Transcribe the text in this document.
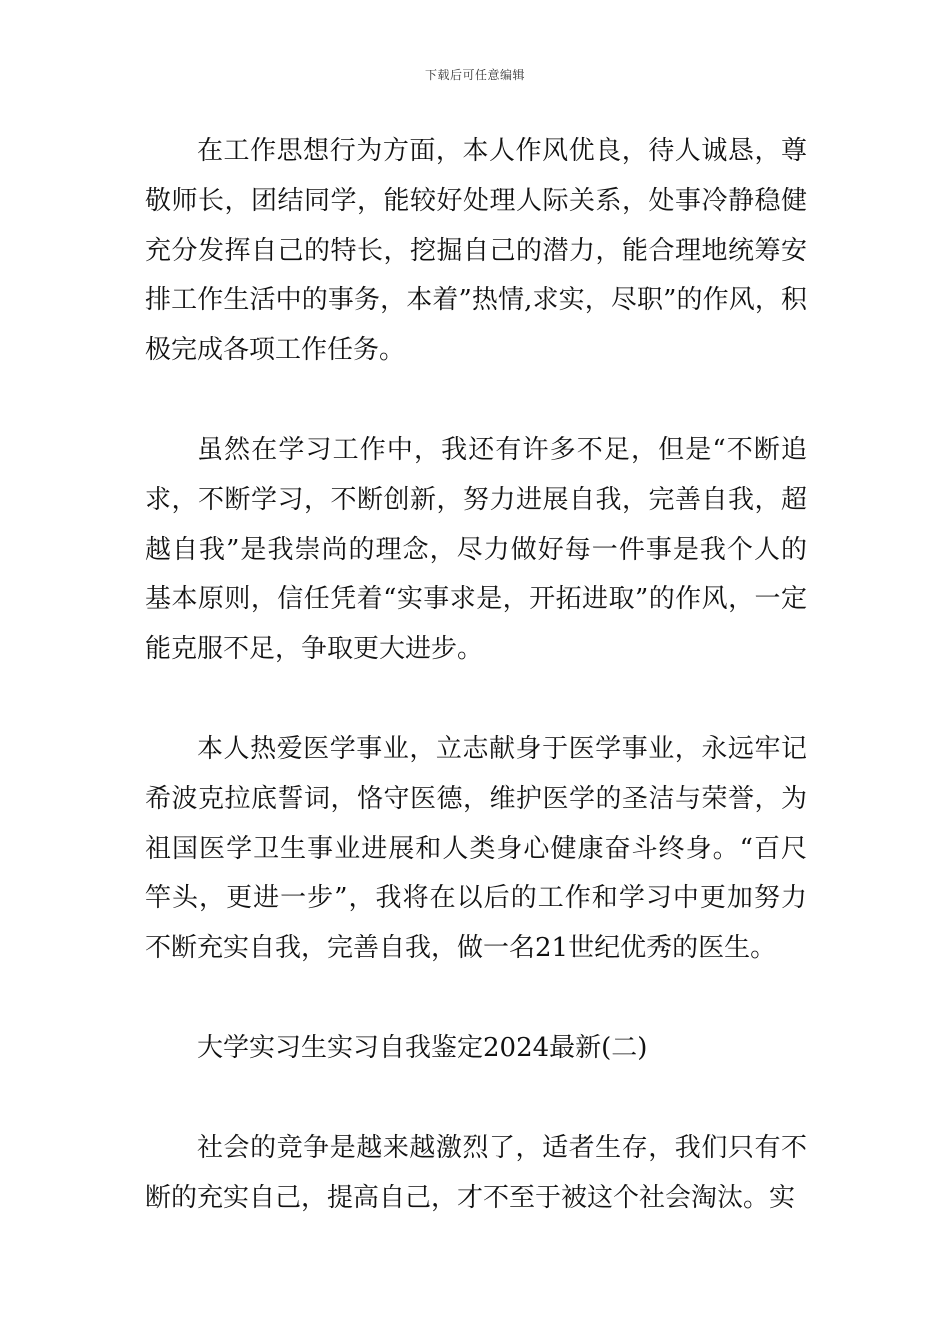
下载后可任意编辑

在工作思想行为方面，本人作风优良，待人诚恳，尊敬师长，团结同学，能较好处理人际关系，处事冷静稳健充分发挥自己的特长，挖掘自己的潜力，能合理地统筹安排工作生活中的事务，本着”热情,求实，尽职”的作风，积极完成各项工作任务。

虽然在学习工作中，我还有许多不足，但是“不断追求，不断学习，不断创新，努力进展自我，完善自我，超越自我”是我崇尚的理念，尽力做好每一件事是我个人的基本原则，信任凭着“实事求是，开拓进取”的作风，一定能克服不足，争取更大进步。

本人热爱医学事业，立志献身于医学事业，永远牢记希波克拉底誓词，恪守医德，维护医学的圣洁与荣誉，为祖国医学卫生事业进展和人类身心健康奋斗终身。“百尺竿头，更进一步”，我将在以后的工作和学习中更加努力不断充实自我，完善自我，做一名21世纪优秀的医生。

大学实习生实习自我鉴定2024最新(二)

社会的竞争是越来越激烈了，适者生存，我们只有不断的充实自己，提高自己，才不至于被这个社会淘汰。实
